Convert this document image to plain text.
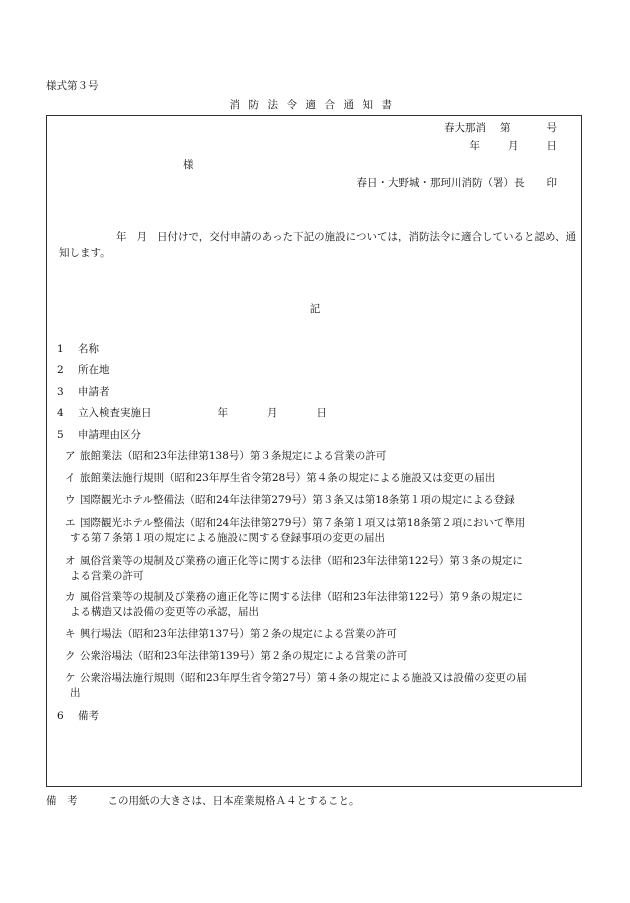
様式第３号
消防法令適合通知書
春大那消 第	号
年	月	日
様
春日・大野城・那珂川消防（署）長 印
年 月 日付けで，交付申請のあった下記の施設については，消防法令に適合していると認め、通知します。
記
1 名称
2 所在地
3 申請者
4 立入検査実施日	年	月	日
5 申請理由区分
ア 旅館業法（昭和23年法律第138号）第３条規定による営業の許可
イ 旅館業法施行規則（昭和23年厚生省令第28号）第４条の規定による施設又は変更の届出
ウ 国際観光ホテル整備法（昭和24年法律第279号）第３条又は第18条第１項の規定による登録
エ 国際観光ホテル整備法（昭和24年法律第279号）第７条第１項又は第18条第２項において準用
する第７条第１項の規定による施設に関する登録事項の変更の届出
オ 風俗営業等の規制及び業務の適正化等に関する法律（昭和23年法律第122号）第３条の規定に
よる営業の許可
カ 風俗営業等の規制及び業務の適正化等に関する法律（昭和23年法律第122号）第９条の規定に
よる構造又は設備の変更等の承認，届出
キ 興行場法（昭和23年法律第137号）第２条の規定による営業の許可
ク 公衆浴場法（昭和23年法律第139号）第２条の規定による営業の許可
ケ 公衆浴場法施行規則（昭和23年厚生省令第27号）第４条の規定による施設又は設備の変更の届
出
6 備考
備　考	この用紙の大きさは、日本産業規格Ａ４とすること。
